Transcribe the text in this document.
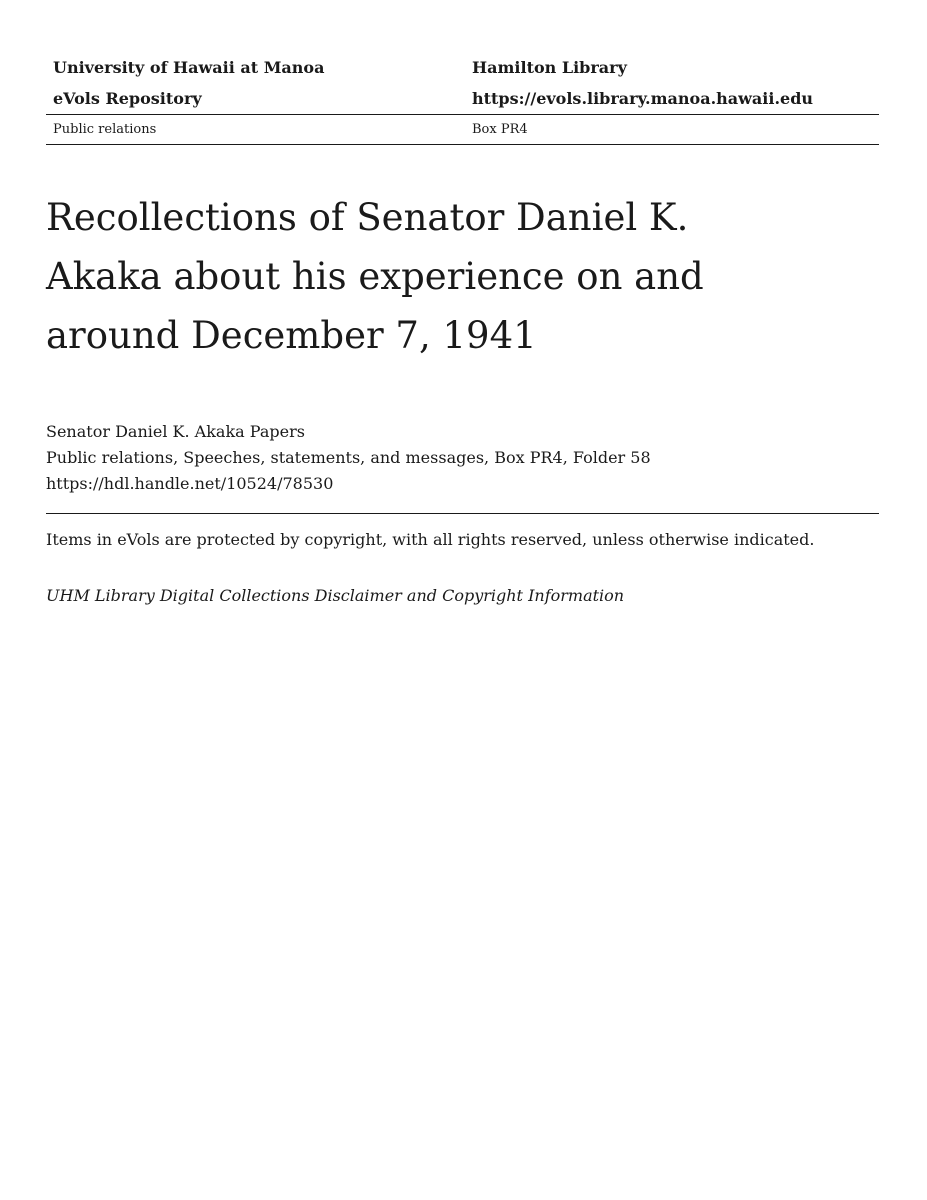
University of Hawaii at Manoa	Hamilton Library
eVols Repository	https://evols.library.manoa.hawaii.edu
Public relations	Box PR4
Recollections of Senator Daniel K. Akaka about his experience on and around December 7, 1941
Senator Daniel K. Akaka Papers
Public relations, Speeches, statements, and messages, Box PR4, Folder 58
https://hdl.handle.net/10524/78530
Items in eVols are protected by copyright, with all rights reserved, unless otherwise indicated.
UHM Library Digital Collections Disclaimer and Copyright Information
